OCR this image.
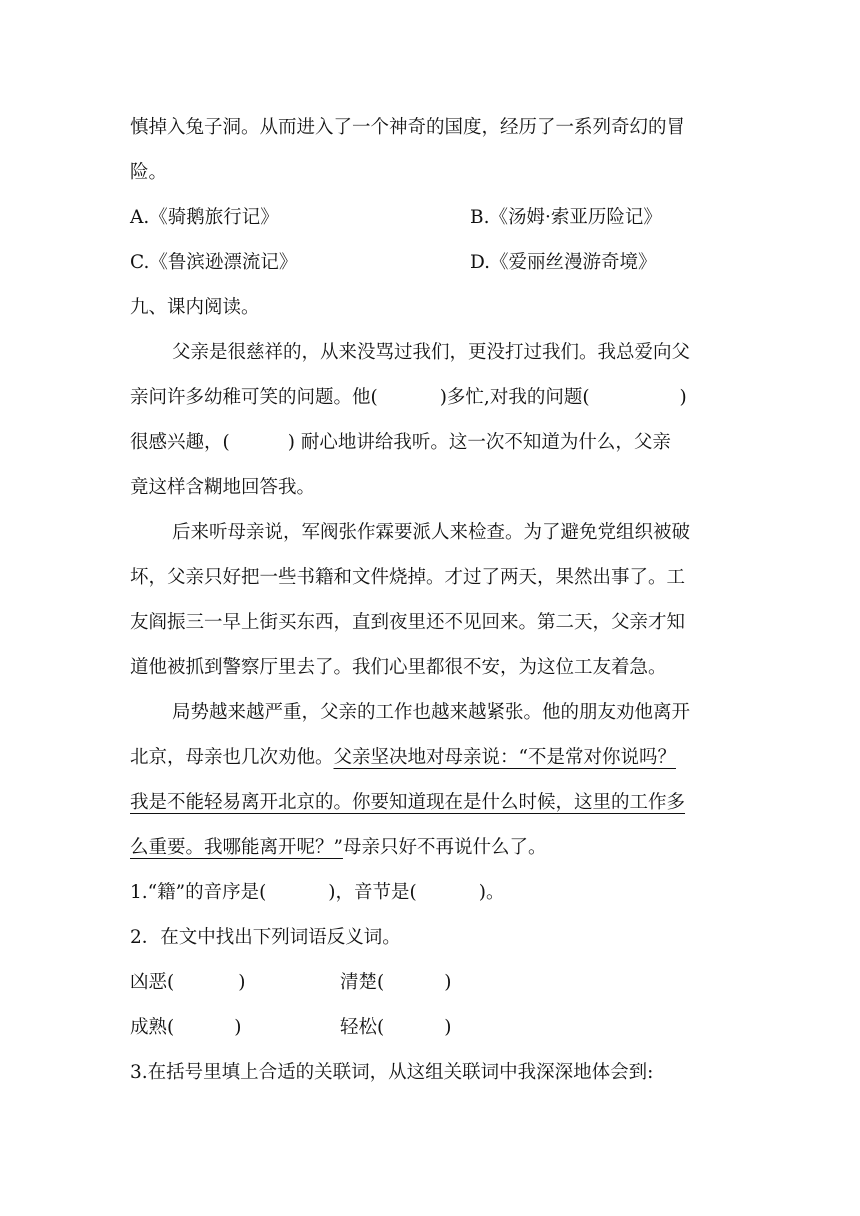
慎掉入兔子洞。从而进入了一个神奇的国度，经历了一系列奇幻的冒
险。
A.《骑鹅旅行记》	B.《汤姆·索亚历险记》
C.《鲁滨逊漂流记》	D.《爱丽丝漫游奇境》
九、课内阅读。
父亲是很慈祥的，从来没骂过我们，更没打过我们。我总爱向父
亲问许多幼稚可笑的问题。他(	)多忙,对我的问题(	)
很感兴趣，(	) 耐心地讲给我听。这一次不知道为什么，父亲
竟这样含糊地回答我。
后来听母亲说，军阀张作霖要派人来检查。为了避免党组织被破
坏，父亲只好把一些书籍和文件烧掉。才过了两天，果然出事了。工
友阎振三一早上街买东西，直到夜里还不见回来。第二天，父亲才知
道他被抓到警察厅里去了。我们心里都很不安，为这位工友着急。
局势越来越严重，父亲的工作也越来越紧张。他的朋友劝他离开
北京，母亲也几次劝他。父亲坚决地对母亲说：“不是常对你说吗？
我是不能轻易离开北京的。你要知道现在是什么时候，这里的工作多
么重要。我哪能离开呢？”母亲只好不再说什么了。
1.“籍”的音序是(	)，音节是(	)。
2．在文中找出下列词语反义词。
凶恶(	)	清楚(	)
成熟(	)	轻松(	)
3.在括号里填上合适的关联词，从这组关联词中我深深地体会到:
